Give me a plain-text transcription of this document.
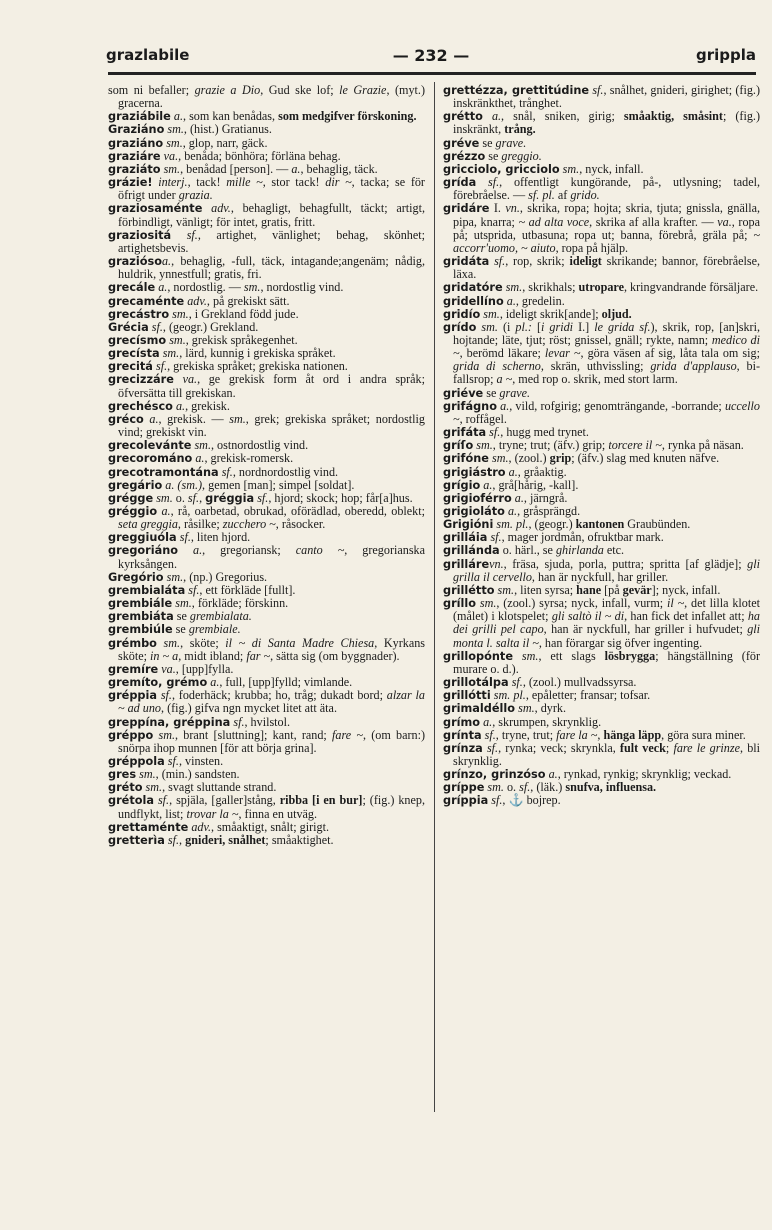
grazlabile	— 232 —	grippla
som ni befaller; grazie a Dio, Gud ske lof; le Grazie, (myt.) gracerna.
graziábile a., som kan benådas, som medgifver förskoning.
Graziáno sm., (hist.) Gratianus.
graziáno sm., glop, narr, gäck.
graziáre va., benåda; bönhöra; förläna behag.
graziáto sm., benådad [person]. — a., behaglig, täck.
grázie! interj., tack! mille ~, stor tack! dir ~, tacka; se för öfrigt under grazia.
graziosaménte adv., behagligt, behagfullt, täckt; artigt, förbindligt, vänligt; för intet, gratis, fritt.
graziositá sf., artighet, vänlighet; behag, skönhet; artighetsbevis.
graziósoa., behaglig, -full, täck, intagande;angenäm; nådig, huldrik, ynnestfull; gratis, fri.
grecále a., nordostlig. — sm., nordostlig vind.
grecaménte adv., på grekiskt sätt.
grecástro sm., i Grekland född jude.
Grécia sf., (geogr.) Grekland.
grecísmo sm., grekisk språkegenhet.
grecísta sm., lärd, kunnig i grekiska språket.
grecitá sf., grekiska språket; grekiska nationen.
grecizzáre va., ge grekisk form åt ord i andra språk; öfversätta till grekiskan.
grechésco a., grekisk.
gréco a., grekisk. — sm., grek; grekiska språket; nordostlig vind; grekiskt vin.
grecolevánte sm., ostnordostlig vind.
grecorománo a., grekisk-romersk.
grecotramontána sf., nordnordostlig vind.
gregário a. (sm.), gemen [man]; simpel [soldat].
grégge sm. o. sf., gréggia sf., hjord; skock; hop; får[a]hus.
gréggio a., rå, oarbetad, obrukad, oförädlad, oberedd, oblekt; seta greggia, råsilke; zucchero ~, råsocker.
greggiuóla sf., liten hjord.
gregoriáno a., gregoriansk; canto ~, gregorianska kyrksången.
Gregório sm., (np.) Gregorius.
grembialáta sf., ett förkläde [fullt].
grembiále sm., förkläde; förskinn.
grembiáta se grembialata.
grembiúle se grembiale.
grémbo sm., sköte; il ~ di Santa Madre Chiesa, Kyrkans sköte; in ~ a, midt ibland; far ~, sätta sig (om byggnader).
gremíre va., [upp]fylla.
gremíto, grémo a., full, [upp]fylld; vimlande.
gréppia sf., foderhäck; krubba; ho, tråg; dukadt bord; alzar la ~ ad uno, (fig.) gifva ngn mycket litet att äta.
greppína, gréppina sf., hvilstol.
gréppo sm., brant [sluttning]; kant, rand; fare ~, (om barn:) snörpa ihop munnen [för att börja grina].
gréppola sf., vinsten.
gres sm., (min.) sandsten.
gréto sm., svagt sluttande strand.
grétola sf., spjäla, [galler]stång, ribba [i en bur]; (fig.) knep, undflykt, list; trovar la ~, finna en utväg.
grettaménte adv., småaktigt, snålt; girigt.
gretterìa sf., gnideri, snålhet; småaktighet.
grettézza, grettitúdine sf., snålhet, gnideri, girighet; (fig.) inskränkthet, trånghet.
grétto a., snål, sniken, girig; småaktig, småsint; (fig.) inskränkt, trång.
gréve se grave.
grézzo se greggio.
gricciolo, gricciolo sm., nyck, infall.
grída sf., offentligt kungörande, på-, utlysning; tadel, förebråelse. — sf. pl. af grido.
gridáre I. vn., skrika, ropa; hojta; skria, tjuta; gnissla, gnälla, pipa, knarra; ~ ad alta voce, skrika af alla krafter. — va., ropa på; utsprida, utbasuna; ropa ut; banna, förebrå, gräla på; ~ accorr'uomo, ~ aiuto, ropa på hjälp.
gridáta sf., rop, skrik; ideligt skrikande; bannor, förebråelse, läxa.
gridatóre sm., skrikhals; utropare, kringvandrande försäljare.
gridellíno a., gredelin.
gridío sm., ideligt skrik[ande]; oljud.
grído sm. (i pl.: [i gridi I.] le grida sf.), skrik, rop, [an]skri, hojtande; läte, tjut; röst; gnissel, gnäll; rykte, namn; medico di ~, berömd läkare; levar ~, göra väsen af sig, låta tala om sig; grida di scherno, skrän, uthvissling; grida d'applauso, bifallsrop; a ~, med rop o. skrik, med stort larm.
griéve se grave.
grifágno a., vild, rofgirig; genomträngande, -borrande; uccello ~, roffågel.
grifáta sf., hugg med trynet.
gríſo sm., tryne; trut; (äfv.) grip; torcere il ~, rynka på näsan.
grifóne sm., (zool.) grip; (äfv.) slag med knuten näfve.
grigiástro a., gråaktig.
grígio a., grå[hårig, -kall].
grigioférro a., järngrå.
grigioláto a., gråsprängd.
Grigióni sm. pl., (geogr.) kantonen Graubünden.
grilláia sf., mager jordmån, ofruktbar mark.
grillánda o. härl., se ghirlanda etc.
grillárevn., fräsa, sjuda, porla, puttra; spritta [af glädje]; gli grilla il cervello, han är nyckfull, har griller.
grillétto sm., liten syrsa; hane [på gevär]; nyck, infall.
gríllo sm., (zool.) syrsa; nyck, infall, vurm; il ~, det lilla klotet (målet) i klotspelet; gli saltò il ~ di, han fick det infallet att; ha dei grilli pel capo, han är nyckfull, har griller i hufvudet; gli monta l. salta il ~, han förargar sig öfver ingenting.
grillopónte sm., ett slags lösbrygga; hängställning (för murare o. d.).
grillotálpa sf., (zool.) mullvadssyrsa.
grillótti sm. pl., epåletter; fransar; tofsar.
grimaldéllo sm., dyrk.
grímo a., skrumpen, skrynklig.
grínta sf., tryne, trut; fare la ~, hänga läpp, göra sura miner.
grínza sf., rynka; veck; skrynkla, fult veck; fare le grinze, bli skrynklig.
grínzo, grinzóso a., rynkad, rynkig; skrynklig; veckad.
gríppe sm. o. sf., (läk.) snufva, influensa.
gríppia sf., ⚓ bojrep.
